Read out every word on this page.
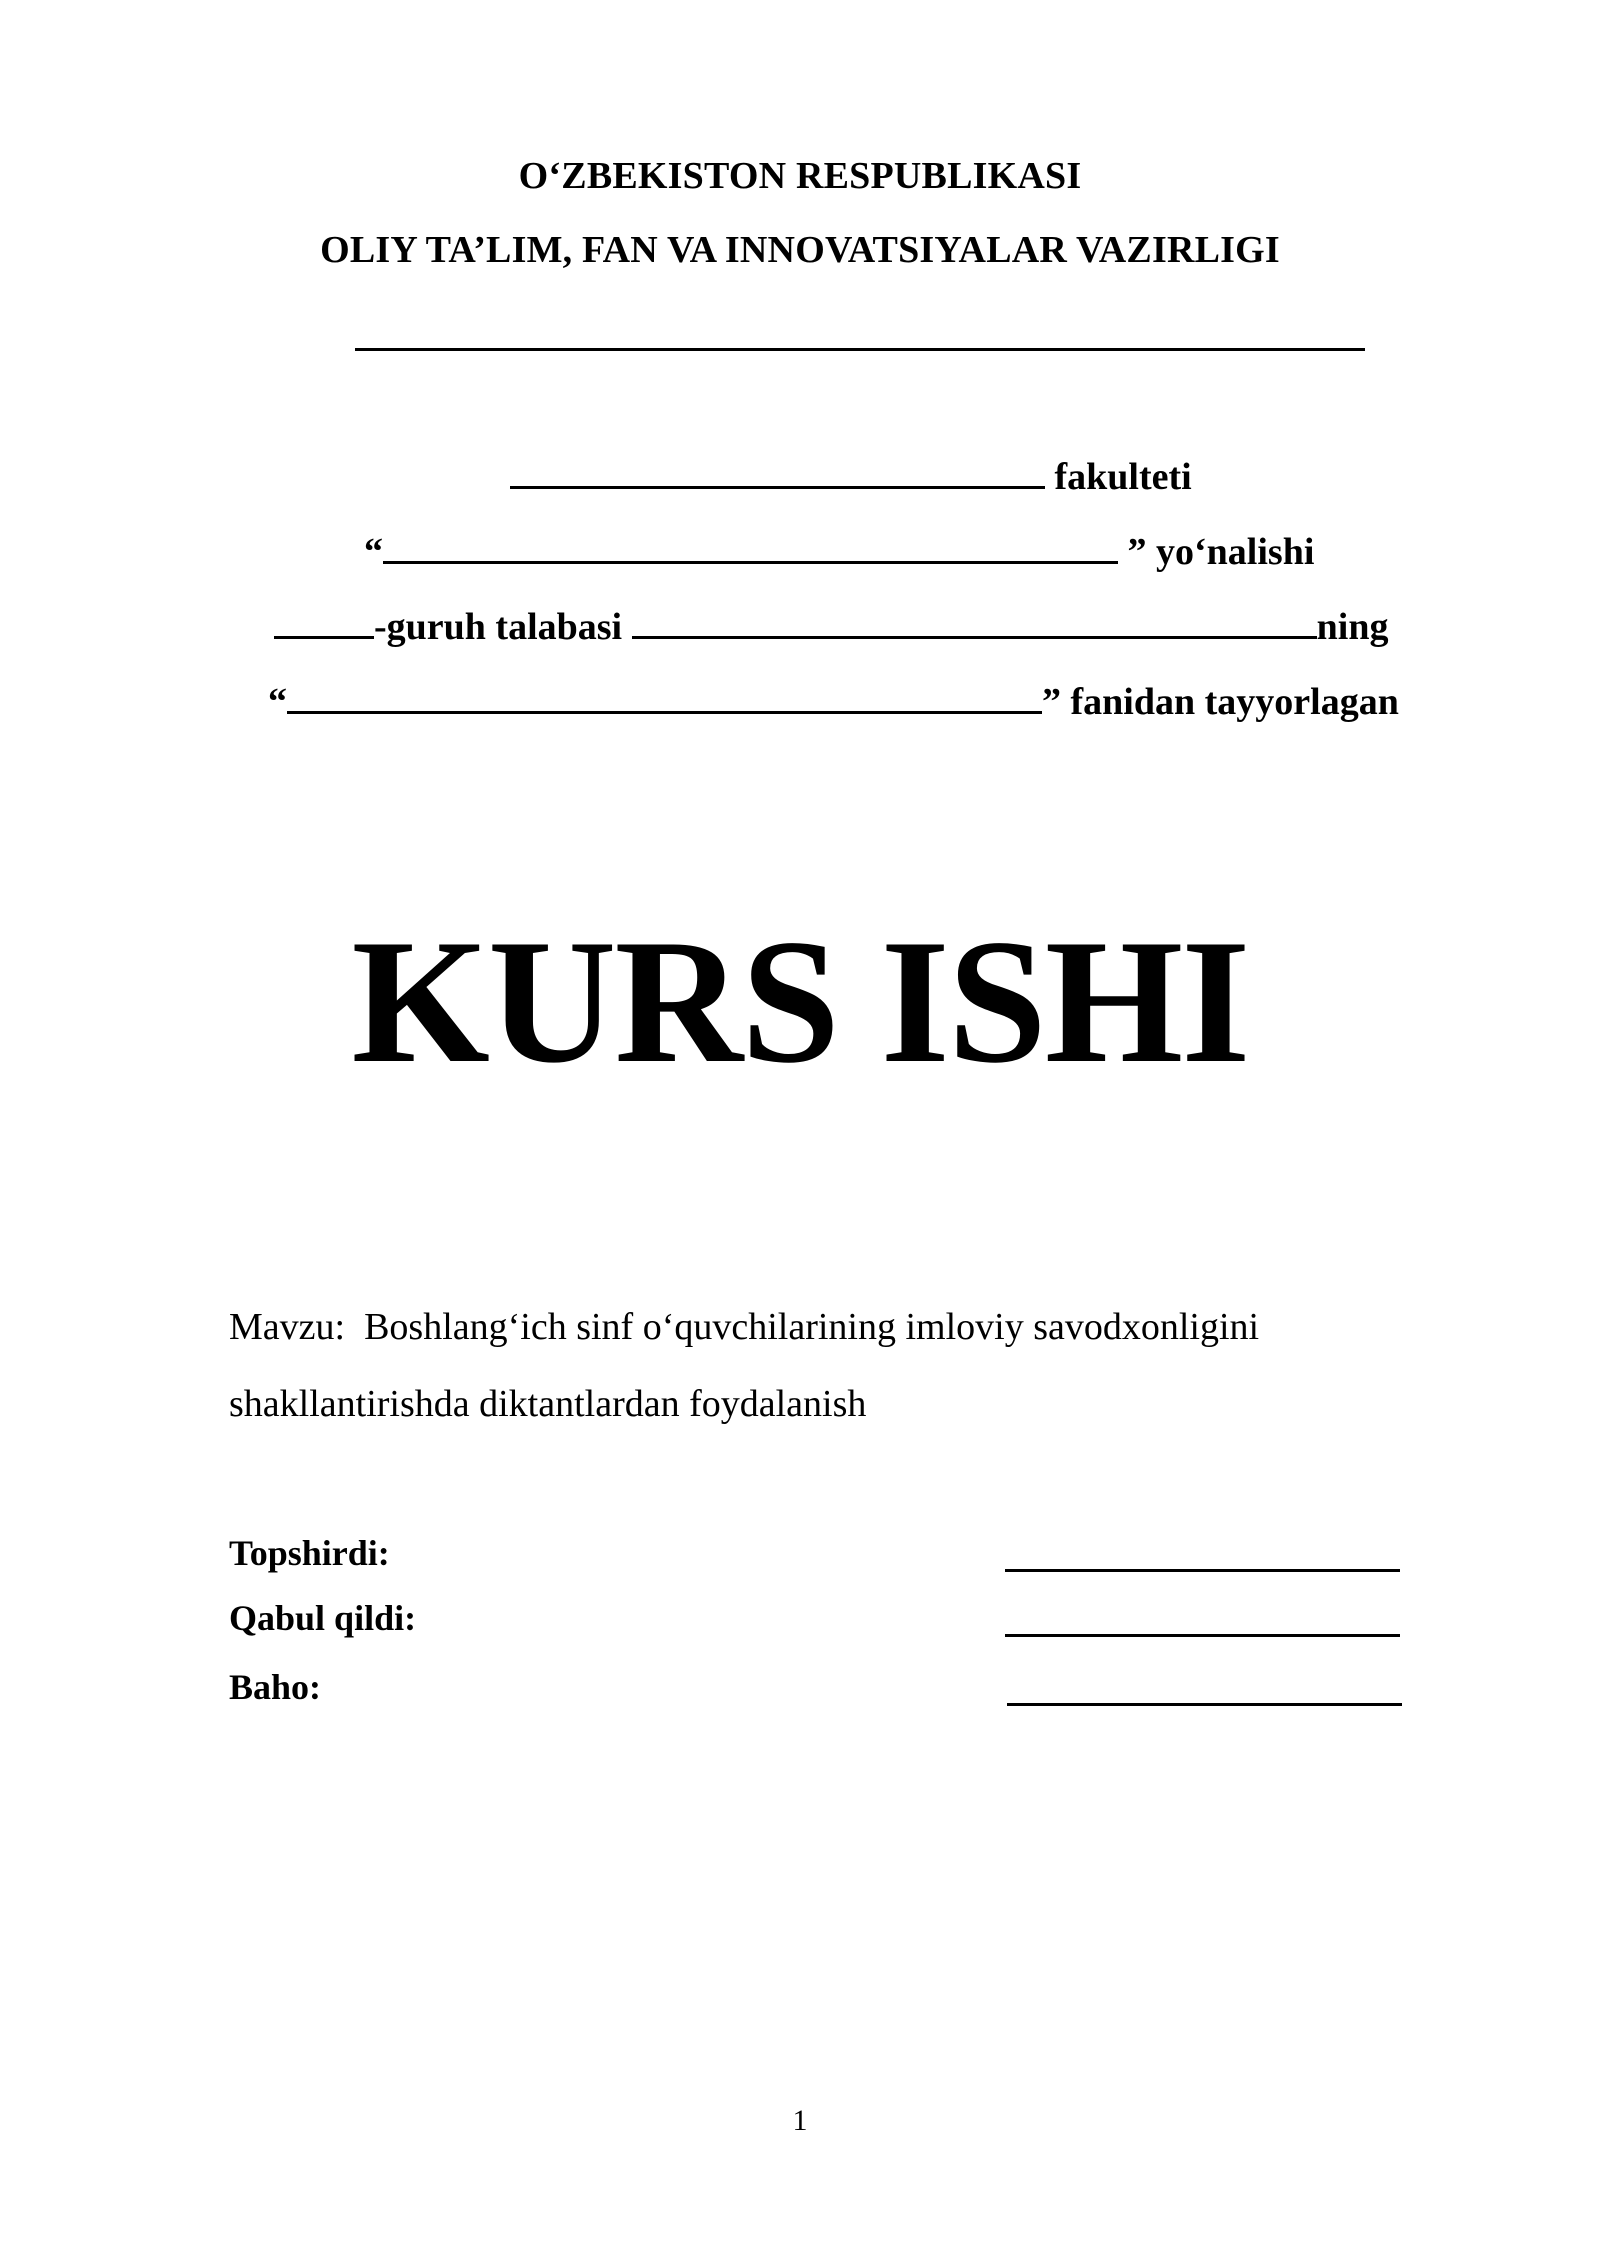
O‘ZBEKISTON RESPUBLIKASI
OLIY TA’LIM, FAN VA INNOVATSIYALAR VAZIRLIGI
fakulteti
“	” yo‘nalishi
-guruh talabasi	ning
“	” fanidan tayyorlagan
KURS ISHI
Mavzu: Boshlang‘ich sinf o‘quvchilarining imloviy savodxonligini
shakllantirishda diktantlardan foydalanish
Topshirdi:
Qabul qildi:
Baho:
1
